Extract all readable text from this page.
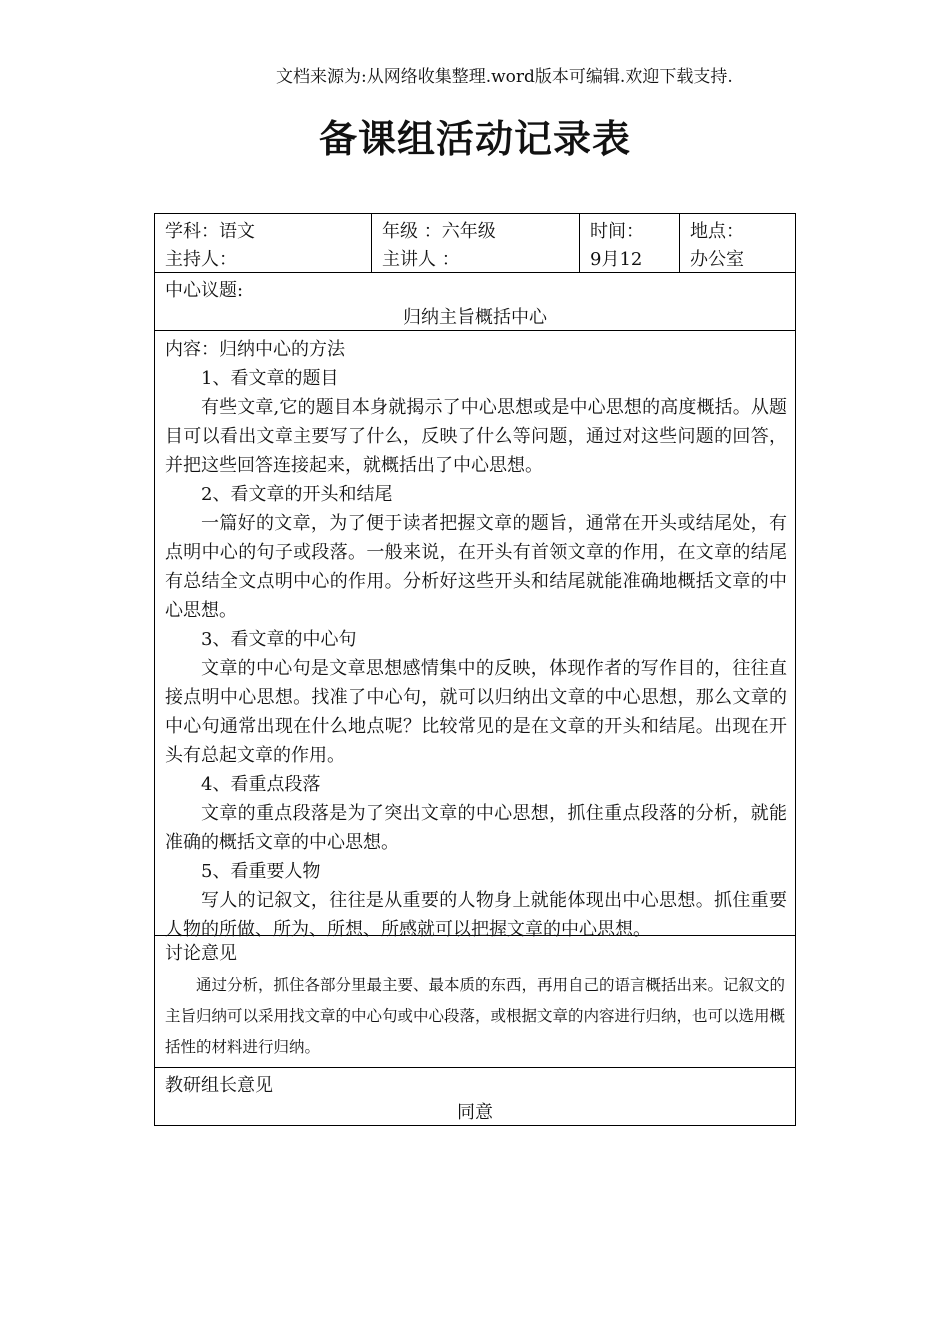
文档来源为:从网络收集整理.word版本可编辑.欢迎下载支持.
备课组活动记录表
学科：语文
主持人：
年级 ：六年级
主讲人 ：
时间：
9月12
地点：
办公室
中心议题:
归纳主旨概括中心
内容：归纳中心的方法
1、看文章的题目

有些文章,它的题目本身就揭示了中心思想或是中心思想的高度概括。从题目可以看出文章主要写了什么，反映了什么等问题，通过对这些问题的回答，并把这些回答连接起来，就概括出了中心思想。

2、看文章的开头和结尾

一篇好的文章，为了便于读者把握文章的题旨，通常在开头或结尾处，有点明中心的句子或段落。一般来说，在开头有首领文章的作用，在文章的结尾有总结全文点明中心的作用。分析好这些开头和结尾就能准确地概括文章的中心思想。

3、看文章的中心句

文章的中心句是文章思想感情集中的反映，体现作者的写作目的，往往直接点明中心思想。找准了中心句，就可以归纳出文章的中心思想，那么文章的中心句通常出现在什么地点呢？比较常见的是在文章的开头和结尾。出现在开头有总起文章的作用。

4、看重点段落

文章的重点段落是为了突出文章的中心思想，抓住重点段落的分析，就能准确的概括文章的中心思想。

5、看重要人物

写人的记叙文，往往是从重要的人物身上就能体现出中心思想。抓住重要人物的所做、所为、所想、所感就可以把握文章的中心思想。

讨论意见

通过分析，抓住各部分里最主要、最本质的东西，再用自己的语言概括出来。记叙文的主旨归纳可以采用找文章的中心句或中心段落，或根据文章的内容进行归纳，也可以选用概括性的材料进行归纳。

教研组长意见
同意
